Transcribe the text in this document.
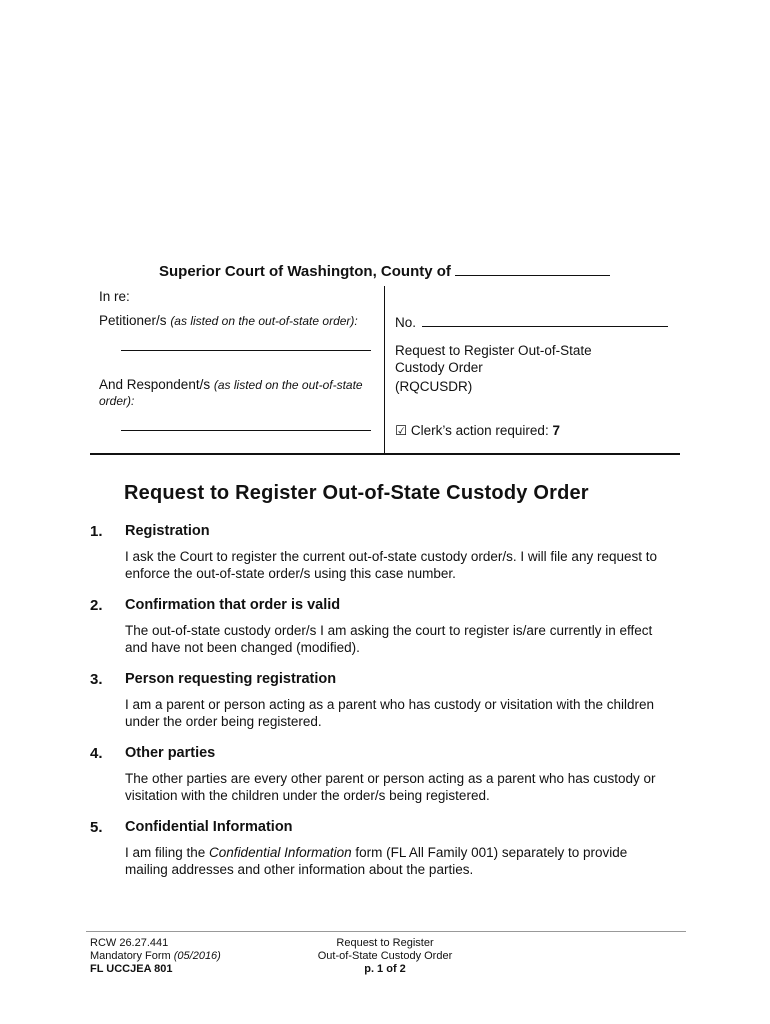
Superior Court of Washington, County of
In re:
Petitioner/s (as listed on the out-of-state order):
And Respondent/s (as listed on the out-of-state
order):
No.
Request to Register Out-of-State
Custody Order
(RQCUSDR)
☑ Clerk’s action required: 7
Request to Register Out-of-State Custody Order
1. Registration
I ask the Court to register the current out-of-state custody order/s. I will file any request to
enforce the out-of-state order/s using this case number.
2. Confirmation that order is valid
The out-of-state custody order/s I am asking the court to register is/are currently in effect
and have not been changed (modified).
3. Person requesting registration
I am a parent or person acting as a parent who has custody or visitation with the children
under the order being registered.
4. Other parties
The other parties are every other parent or person acting as a parent who has custody or
visitation with the children under the order/s being registered.
5. Confidential Information
I am filing the Confidential Information form (FL All Family 001) separately to provide
mailing addresses and other information about the parties.
RCW 26.27.441
Mandatory Form (05/2016)
FL UCCJEA 801
Request to Register
Out-of-State Custody Order
p. 1 of 2
